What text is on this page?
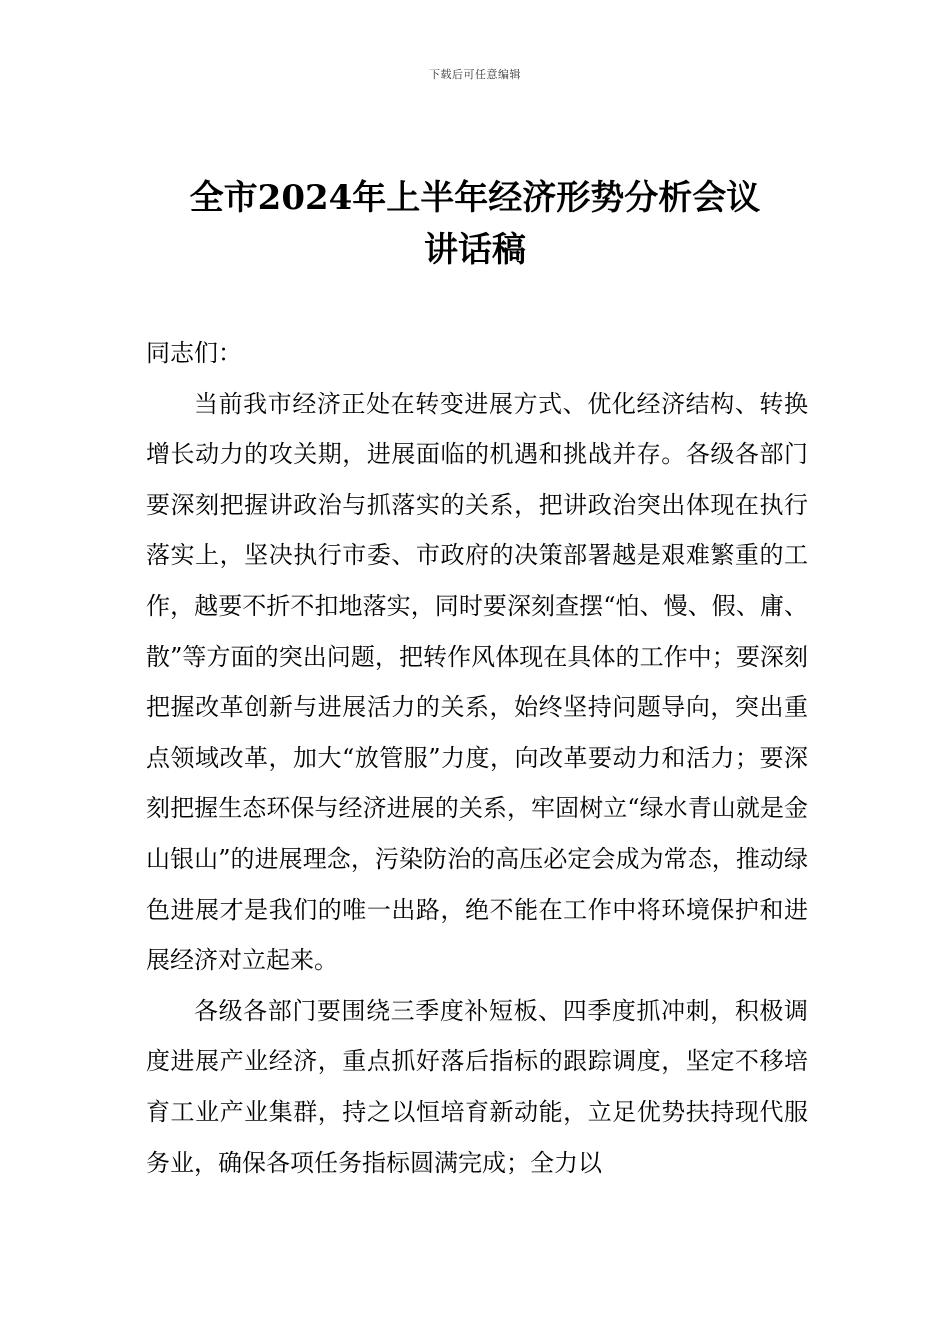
下载后可任意编辑
全市2024年上半年经济形势分析会议
讲话稿

同志们：

当前我市经济正处在转变进展方式、优化经济结构、转换增长动力的攻关期，进展面临的机遇和挑战并存。各级各部门要深刻把握讲政治与抓落实的关系，把讲政治突出体现在执行落实上，坚决执行市委、市政府的决策部署越是艰难繁重的工作，越要不折不扣地落实，同时要深刻查摆“怕、慢、假、庸、散”等方面的突出问题，把转作风体现在具体的工作中；要深刻把握改革创新与进展活力的关系，始终坚持问题导向，突出重点领域改革，加大“放管服”力度，向改革要动力和活力；要深刻把握生态环保与经济进展的关系，牢固树立“绿水青山就是金山银山”的进展理念，污染防治的高压必定会成为常态，推动绿色进展才是我们的唯一出路，绝不能在工作中将环境保护和进展经济对立起来。

各级各部门要围绕三季度补短板、四季度抓冲刺，积极调度进展产业经济，重点抓好落后指标的跟踪调度，坚定不移培育工业产业集群，持之以恒培育新动能，立足优势扶持现代服务业，确保各项任务指标圆满完成；全力以
